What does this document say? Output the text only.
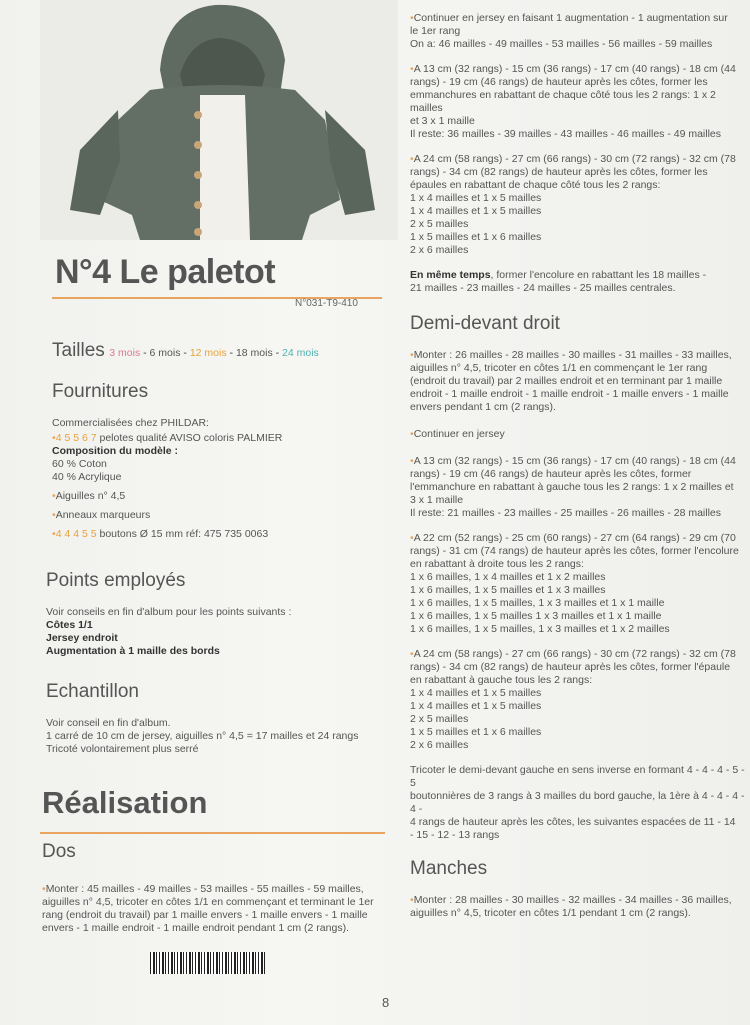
N°4 Le paletot
N°031-T9-410
Tailles 3 mois - 6 mois - 12 mois - 18 mois - 24 mois
Fournitures
Commercialisées chez PHILDAR:
•4 5 5 6 7 pelotes qualité AVISO coloris PALMIER
Composition du modèle :
60 % Coton
40 % Acrylique
•Aiguilles n° 4,5
•Anneaux marqueurs
•4 4 4 5 5 boutons Ø 15 mm réf: 475 735 0063
Points employés
Voir conseils en fin d'album pour les points suivants :
Côtes 1/1
Jersey endroit
Augmentation à 1 maille des bords
Echantillon
Voir conseil en fin d'album.
1 carré de 10 cm de jersey, aiguilles n° 4,5 = 17 mailles et 24 rangs
Tricoté volontairement plus serré
Réalisation
Dos
•Monter : 45 mailles - 49 mailles - 53 mailles - 55 mailles - 59 mailles,
aiguilles n° 4,5, tricoter en côtes 1/1 en commençant et terminant le 1er
rang (endroit du travail) par 1 maille envers - 1 maille envers - 1 maille
envers - 1 maille endroit - 1 maille endroit pendant 1 cm (2 rangs).
•Continuer en jersey en faisant 1 augmentation - 1 augmentation sur
le 1er rang
On a: 46 mailles - 49 mailles - 53 mailles - 56 mailles - 59 mailles
•A 13 cm (32 rangs) - 15 cm (36 rangs) - 17 cm (40 rangs) - 18 cm (44
rangs) - 19 cm (46 rangs) de hauteur après les côtes, former les
emmanchures en rabattant de chaque côté tous les 2 rangs: 1 x 2 mailles
et 3 x 1 maille
Il reste: 36 mailles - 39 mailles - 43 mailles - 46 mailles - 49 mailles
•A 24 cm (58 rangs) - 27 cm (66 rangs) - 30 cm (72 rangs) - 32 cm (78
rangs) - 34 cm (82 rangs) de hauteur après les côtes, former les
épaules en rabattant de chaque côté tous les 2 rangs:
1 x 4 mailles et 1 x 5 mailles
1 x 4 mailles et 1 x 5 mailles
2 x 5 mailles
1 x 5 mailles et 1 x 6 mailles
2 x 6 mailles
En même temps, former l'encolure en rabattant les 18 mailles -
21 mailles - 23 mailles - 24 mailles - 25 mailles centrales.
Demi-devant droit
•Monter : 26 mailles - 28 mailles - 30 mailles - 31 mailles - 33 mailles,
aiguilles n° 4,5, tricoter en côtes 1/1 en commençant le 1er rang
(endroit du travail) par 2 mailles endroit et en terminant par 1 maille
endroit - 1 maille endroit - 1 maille endroit - 1 maille envers - 1 maille
envers pendant 1 cm (2 rangs).
•Continuer en jersey
•A 13 cm (32 rangs) - 15 cm (36 rangs) - 17 cm (40 rangs) - 18 cm (44
rangs) - 19 cm (46 rangs) de hauteur après les côtes, former
l'emmanchure en rabattant à gauche tous les 2 rangs: 1 x 2 mailles et
3 x 1 maille
Il reste: 21 mailles - 23 mailles - 25 mailles - 26 mailles - 28 mailles
•A 22 cm (52 rangs) - 25 cm (60 rangs) - 27 cm (64 rangs) - 29 cm (70
rangs) - 31 cm (74 rangs) de hauteur après les côtes, former l'encolure
en rabattant à droite tous les 2 rangs:
1 x 6 mailles, 1 x 4 mailles et 1 x 2 mailles
1 x 6 mailles, 1 x 5 mailles et 1 x 3 mailles
1 x 6 mailles, 1 x 5 mailles, 1 x 3 mailles et 1 x 1 maille
1 x 6 mailles, 1 x 5 mailles 1 x 3 mailles et 1 x 1 maille
1 x 6 mailles, 1 x 5 mailles, 1 x 3 mailles et 1 x 2 mailles
•A 24 cm (58 rangs) - 27 cm (66 rangs) - 30 cm (72 rangs) - 32 cm (78
rangs) - 34 cm (82 rangs) de hauteur après les côtes, former l'épaule
en rabattant à gauche tous les 2 rangs:
1 x 4 mailles et 1 x 5 mailles
1 x 4 mailles et 1 x 5 mailles
2 x 5 mailles
1 x 5 mailles et 1 x 6 mailles
2 x 6 mailles
Tricoter le demi-devant gauche en sens inverse en formant 4 - 4 - 4 - 5 - 5
boutonnières de 3 rangs à 3 mailles du bord gauche, la 1ère à 4 - 4 - 4 - 4 -
4 rangs de hauteur après les côtes, les suivantes espacées de 11 - 14
- 15 - 12 - 13 rangs
Manches
•Monter : 28 mailles - 30 mailles - 32 mailles - 34 mailles - 36 mailles,
aiguilles n° 4,5, tricoter en côtes 1/1 pendant 1 cm (2 rangs).
8
